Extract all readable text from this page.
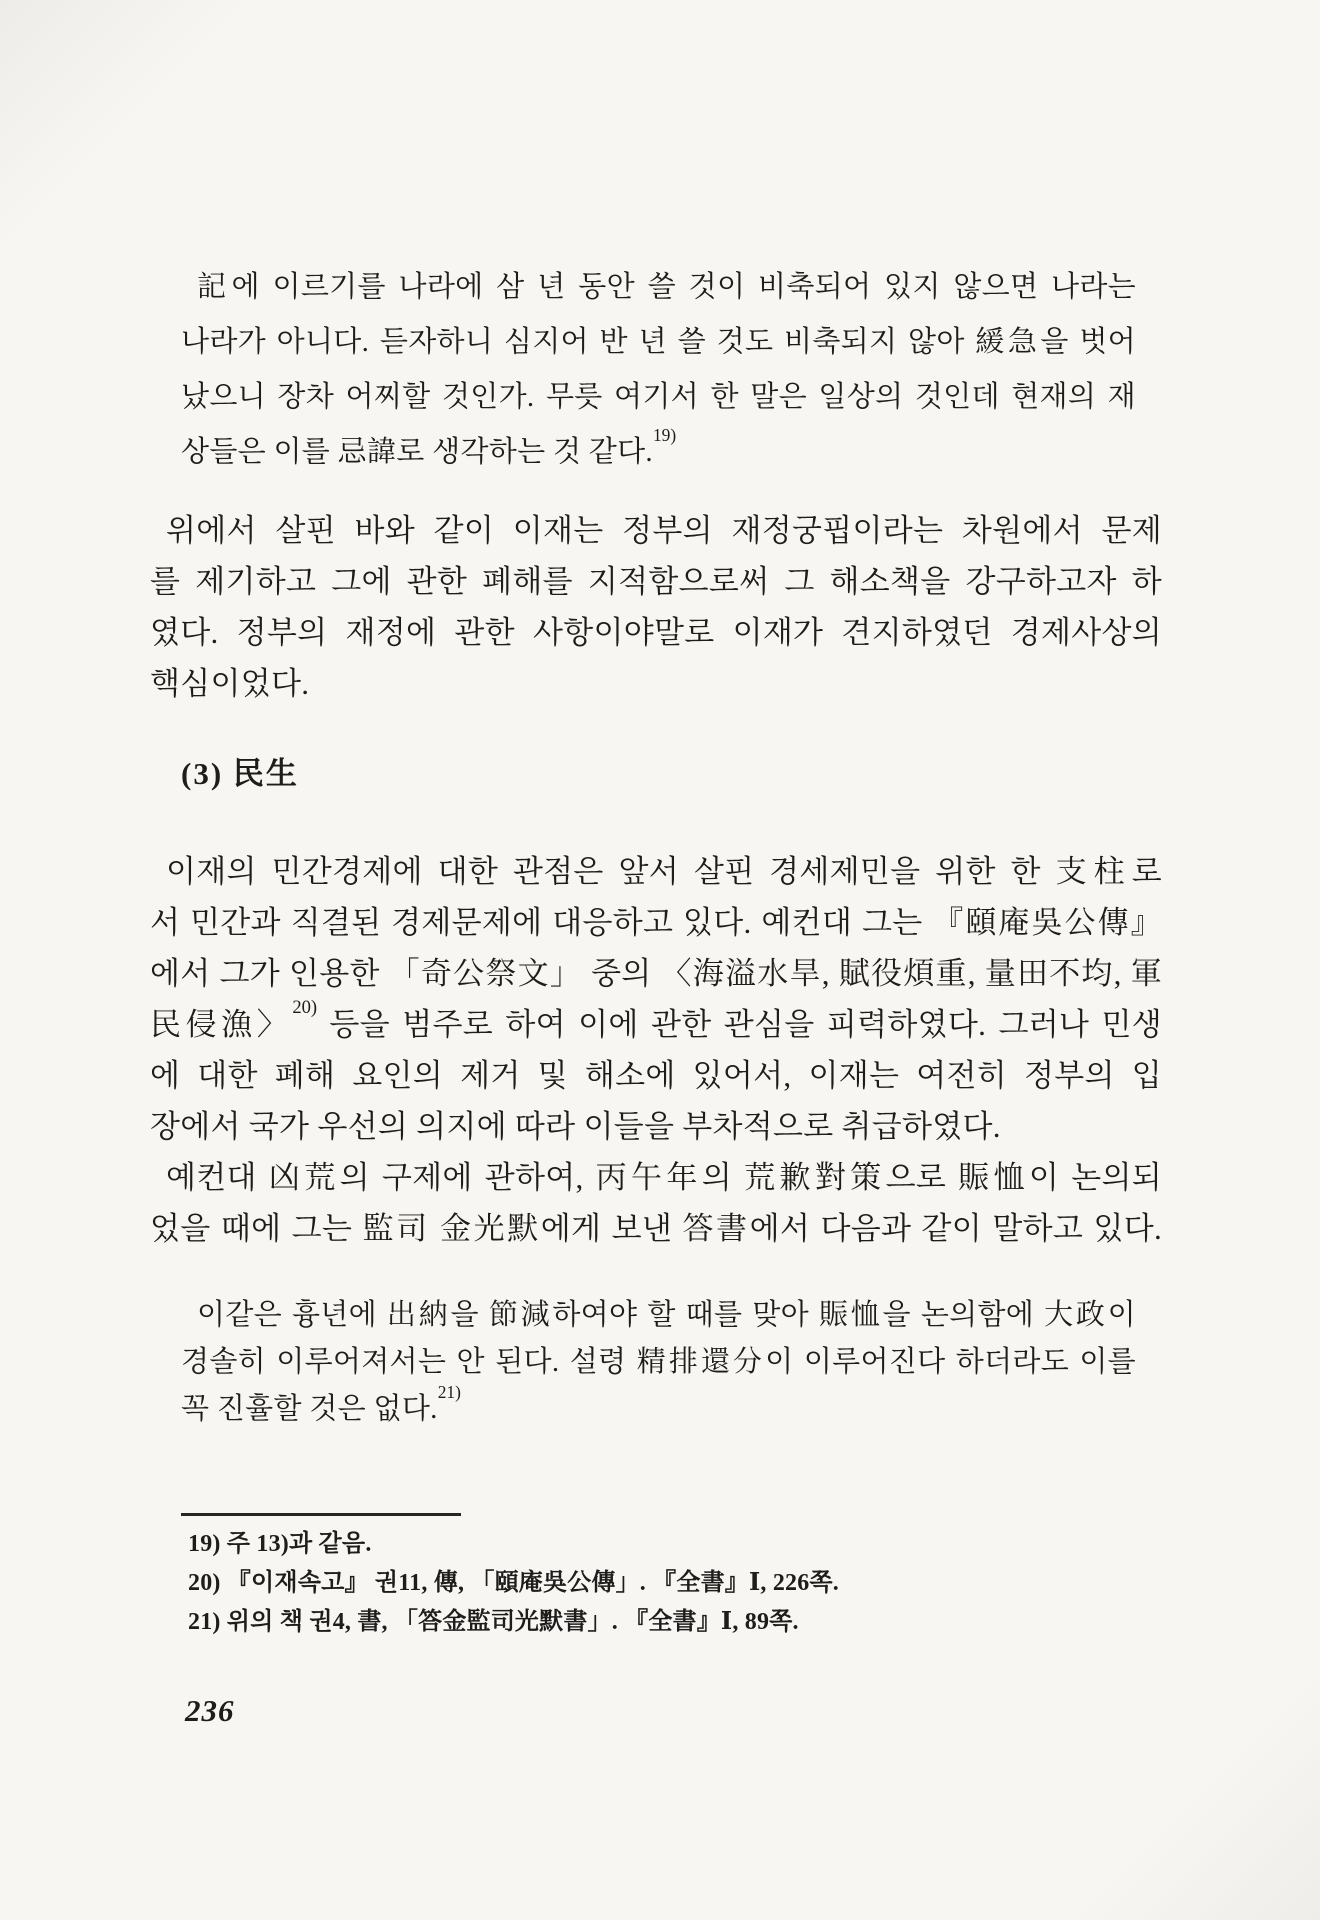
記에 이르기를 나라에 삼 년 동안 쓸 것이 비축되어 있지 않으면 나라는
나라가 아니다. 듣자하니 심지어 반 년 쓸 것도 비축되지 않아 緩急을 벗어
났으니 장차 어찌할 것인가. 무릇 여기서 한 말은 일상의 것인데 현재의 재
상들은 이를 忌諱로 생각하는 것 같다.$^{19)}$
위에서 살핀 바와 같이 이재는 정부의 재정궁핍이라는 차원에서 문제
를 제기하고 그에 관한 폐해를 지적함으로써 그 해소책을 강구하고자 하
였다. 정부의 재정에 관한 사항이야말로 이재가 견지하였던 경제사상의
핵심이었다.
(3) 民生
이재의 민간경제에 대한 관점은 앞서 살핀 경세제민을 위한 한 支柱로
서 민간과 직결된 경제문제에 대응하고 있다. 예컨대 그는 『頤庵吳公傳』
에서 그가 인용한 「奇公祭文」 중의 〈海溢水旱, 賦役煩重, 量田不均, 軍
民侵漁〉$^{20)}$ 등을 범주로 하여 이에 관한 관심을 피력하였다. 그러나 민생
에 대한 폐해 요인의 제거 및 해소에 있어서, 이재는 여전히 정부의 입
장에서 국가 우선의 의지에 따라 이들을 부차적으로 취급하였다.
예컨대 凶荒의 구제에 관하여, 丙午年의 荒歉對策으로 賑恤이 논의되
었을 때에 그는 監司 金光默에게 보낸 答書에서 다음과 같이 말하고 있다.
이같은 흉년에 出納을 節減하여야 할 때를 맞아 賑恤을 논의함에 大政이
경솔히 이루어져서는 안 된다. 설령 精排還分이 이루어진다 하더라도 이를
꼭 진휼할 것은 없다.$^{21)}$
19) 주 13)과 같음.
20) 『이재속고』 권11, 傳, 「頤庵吳公傳」. 『全書』Ⅰ, 226쪽.
21) 위의 책 권4, 書, 「答金監司光默書」. 『全書』Ⅰ, 89쪽.
236
